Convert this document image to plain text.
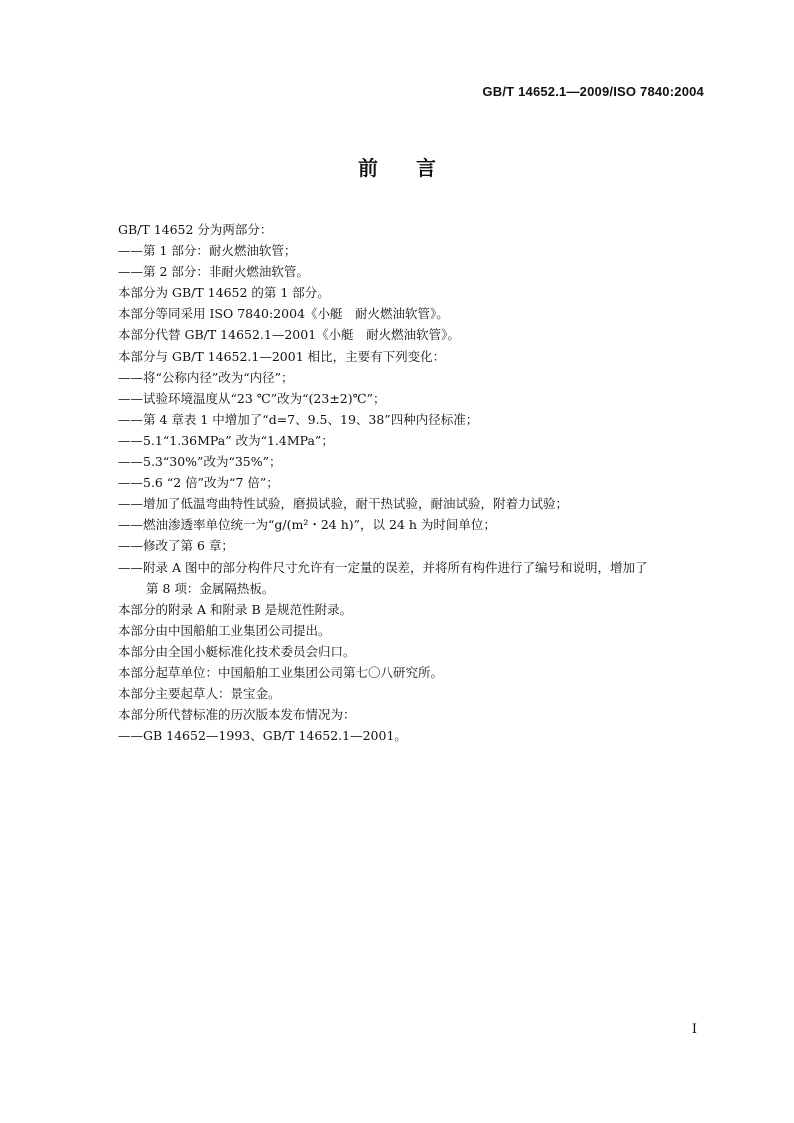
GB/T 14652.1—2009/ISO 7840:2004
前言
GB/T 14652 分为两部分：
——第 1 部分：耐火燃油软管；
——第 2 部分：非耐火燃油软管。
本部分为 GB/T 14652 的第 1 部分。
本部分等同采用 ISO 7840:2004《小艇　耐火燃油软管》。
本部分代替 GB/T 14652.1—2001《小艇　耐火燃油软管》。
本部分与 GB/T 14652.1—2001 相比，主要有下列变化：
——将“公称内径”改为“内径”；
——试验环境温度从“23 ℃”改为“(23±2)℃”；
——第 4 章表 1 中增加了“d=7、9.5、19、38”四种内径标准；
——5.1“1.36MPa” 改为“1.4MPa”；
——5.3“30%”改为“35%”；
——5.6 “2 倍”改为“7 倍”；
——增加了低温弯曲特性试验，磨损试验，耐干热试验，耐油试验，附着力试验；
——燃油渗透率单位统一为“g/(m²・24 h)”，以 24 h 为时间单位；
——修改了第 6 章；
——附录 A 图中的部分构件尺寸允许有一定量的误差，并将所有构件进行了编号和说明，增加了
第 8 项：金属隔热板。
本部分的附录 A 和附录 B 是规范性附录。
本部分由中国船舶工业集团公司提出。
本部分由全国小艇标准化技术委员会归口。
本部分起草单位：中国船舶工业集团公司第七〇八研究所。
本部分主要起草人：景宝金。
本部分所代替标准的历次版本发布情况为：
——GB 14652—1993、GB/T 14652.1—2001。
I
